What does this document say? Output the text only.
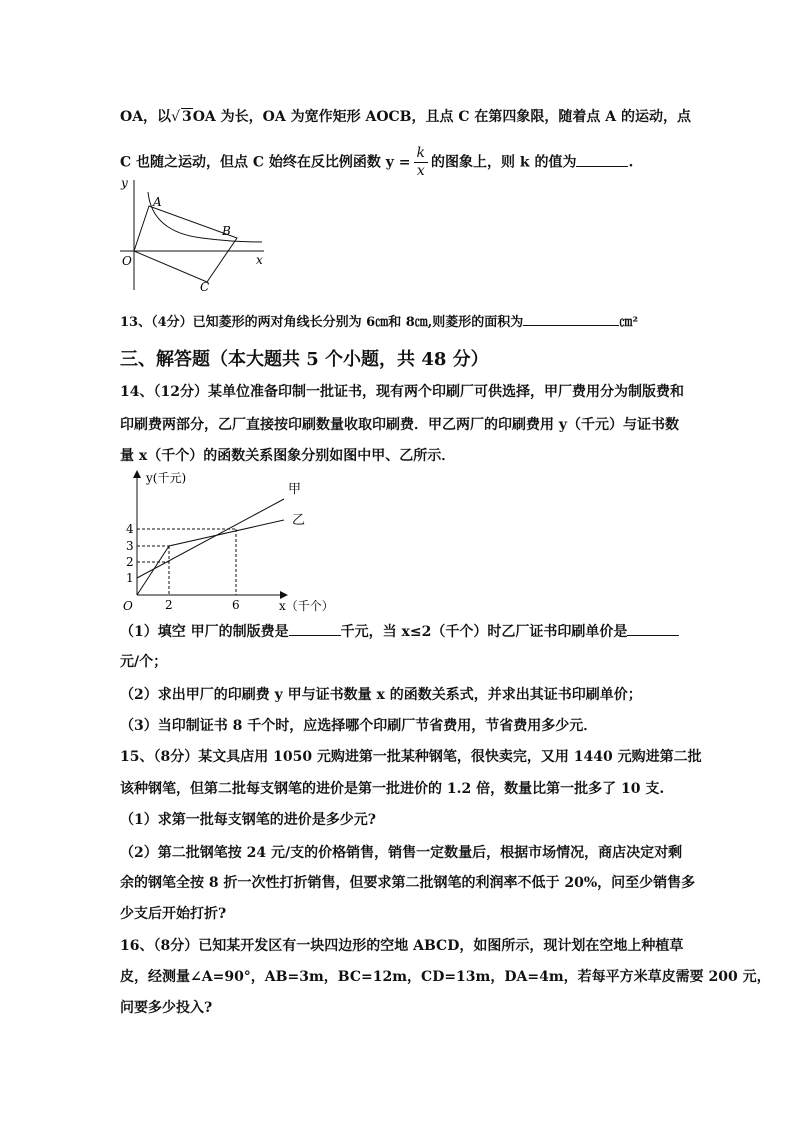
OA，以√ 3OA 为长，OA 为宽作矩形 AOCB，且点 C 在第四象限，随着点 A 的运动，点
C 也随之运动，但点 C 始终在反比例函数 $y = \frac{k}{x}$ 的图象上，则 k 的值为	.
y
x
O
A
B
C
13、（4分）已知菱形的两对角线长分别为 6㎝和 8㎝,则菱形的面积为	㎝²
三、解答题（本大题共 5 个小题，共 48 分）
14、（12分）某单位准备印制一批证书，现有两个印刷厂可供选择，甲厂费用分为制版费和
印刷费两部分，乙厂直接按印刷数量收取印刷费．甲乙两厂的印刷费用 y（千元）与证书数
量 x（千个）的函数关系图象分别如图中甲、乙所示．
y(千元)
x（千个）
O
1
2
3
4
2	6
甲
乙
（1）填空 甲厂的制版费是	千元，当 x≤2（千个）时乙厂证书印刷单价是
元/个；
（2）求出甲厂的印刷费 y 甲与证书数量 x 的函数关系式，并求出其证书印刷单价；
（3）当印制证书 8 千个时，应选择哪个印刷厂节省费用，节省费用多少元．
15、（8分）某文具店用 1050 元购进第一批某种钢笔，很快卖完，又用 1440 元购进第二批
该种钢笔，但第二批每支钢笔的进价是第一批进价的 1.2 倍，数量比第一批多了 10 支.
（1）求第一批每支钢笔的进价是多少元?
（2）第二批钢笔按 24 元/支的价格销售，销售一定数量后，根据市场情况，商店决定对剩
余的钢笔全按 8 折一次性打折销售，但要求第二批钢笔的利润率不低于 20%，问至少销售多
少支后开始打折?
16、（8分）已知某开发区有一块四边形的空地 ABCD，如图所示，现计划在空地上种植草
皮，经测量∠A=90°，AB=3m，BC=12m，CD=13m，DA=4m，若每平方米草皮需要 200 元，
问要多少投入?
